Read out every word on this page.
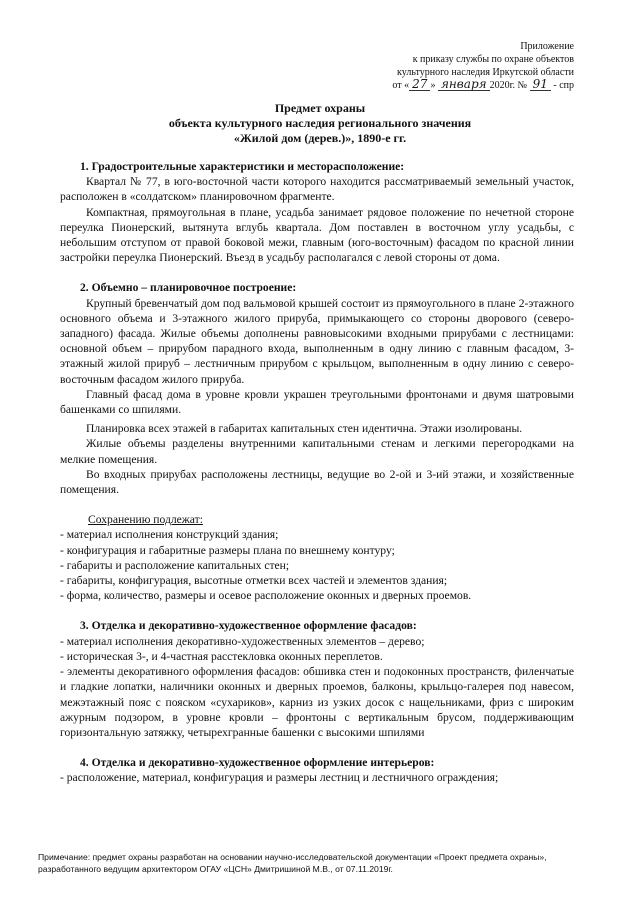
Приложение
к приказу службы по охране объектов
культурного наследия Иркутской области
от « 27 » января 2020г. № 91 - спр
Предмет охраны
объекта культурного наследия регионального значения
«Жилой дом (дерев.)», 1890-е гг.

1. Градостроительные характеристики и месторасположение:

Квартал № 77, в юго-восточной части которого находится рассматриваемый земельный участок, расположен в «солдатском» планировочном фрагменте.

Компактная, прямоугольная в плане, усадьба занимает рядовое положение по нечетной стороне переулка Пионерский, вытянута вглубь квартала. Дом поставлен в восточном углу усадьбы, с небольшим отступом от правой боковой межи, главным (юго-восточным) фасадом по красной линии застройки переулка Пионерский. Въезд в усадьбу располагался с левой стороны от дома.

2. Объемно – планировочное построение:

Крупный бревенчатый дом под вальмовой крышей состоит из прямоугольного в плане 2-этажного основного объема и 3-этажного жилого прируба, примыкающего со стороны дворового (северо-западного) фасада. Жилые объемы дополнены равновысокими входными прирубами с лестницами: основной объем – прирубом парадного входа, выполненным в одну линию с главным фасадом, 3-этажный жилой прируб – лестничным прирубом с крыльцом, выполненным в одну линию с северо-восточным фасадом жилого прируба.

Главный фасад дома в уровне кровли украшен треугольными фронтонами и двумя шатровыми башенками со шпилями.

Планировка всех этажей в габаритах капитальных стен идентична. Этажи изолированы.

Жилые объемы разделены внутренними капитальными стенам и легкими перегородками на мелкие помещения.

Во входных прирубах расположены лестницы, ведущие во 2-ой и 3-ий этажи, и хозяйственные помещения.

Сохранению подлежат:

- материал исполнения конструкций здания;

- конфигурация и габаритные размеры плана по внешнему контуру;

- габариты и расположение капитальных стен;

- габариты, конфигурация, высотные отметки всех частей и элементов здания;

- форма, количество, размеры и осевое расположение оконных и дверных проемов.

3. Отделка и декоративно-художественное оформление фасадов:

- материал исполнения декоративно-художественных элементов – дерево;

- историческая 3-, и 4-частная расстекловка оконных переплетов.

- элементы декоративного оформления фасадов: обшивка стен и подоконных пространств, филенчатые и гладкие лопатки, наличники оконных и дверных проемов, балконы, крыльцо-галерея под навесом, межэтажный пояс с пояском «сухариков», карниз из узких досок с нащельниками, фриз с широким ажурным подзором, в уровне кровли – фронтоны с вертикальным брусом, поддерживающим горизонтальную затяжку, четырехгранные башенки с высокими шпилями

4. Отделка и декоративно-художественное оформление интерьеров:

- расположение, материал, конфигурация и размеры лестниц и лестничного ограждения;

Примечание: предмет охраны разработан на основании научно-исследовательской документации «Проект предмета охраны», разработанного ведущим архитектором ОГАУ «ЦСН» Дмитришиной М.В., от 07.11.2019г.
